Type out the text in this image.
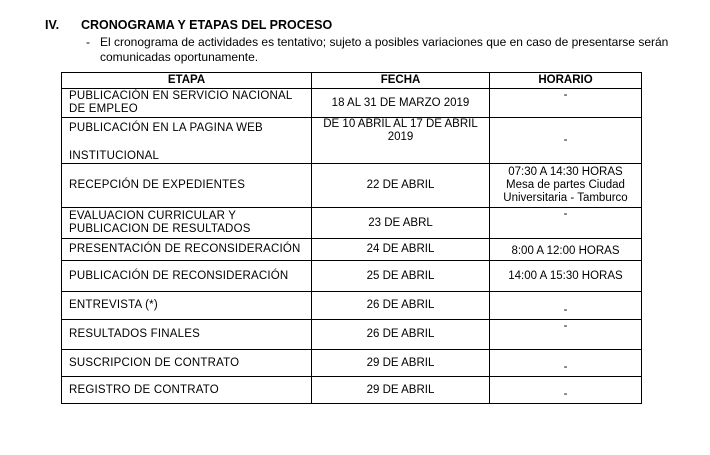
IV. CRONOGRAMA Y ETAPAS DEL PROCESO
- El cronograma de actividades es tentativo; sujeto a posibles variaciones que en caso de presentarse serán comunicadas oportunamente.
ETAPA	FECHA	HORARIO
PUBLICACIÓN EN SERVICIO NACIONAL DE EMPLEO	18 AL 31 DE MARZO 2019	-

PUBLICACIÓN EN LA PAGINA WEB
INSTITUCIONAL	DE 10 ABRIL AL 17 DE ABRIL 2019	-
RECEPCIÓN DE EXPEDIENTES	22 DE ABRIL	07:30 A 14:30 HORAS
Mesa de partes Ciudad
Universitaria - Tamburco

EVALUACION CURRICULAR Y PUBLICACION DE RESULTADOS	23 DE ABRL	-
PRESENTACIÓN DE RECONSIDERACIÓN	24 DE ABRIL	8:00 A 12:00 HORAS
PUBLICACIÓN DE RECONSIDERACIÓN	25 DE ABRIL	14:00 A 15:30 HORAS
ENTREVISTA (*)	26 DE ABRIL	-
RESULTADOS FINALES	26 DE ABRIL	-
SUSCRIPCION DE CONTRATO	29 DE ABRIL	-
REGISTRO DE CONTRATO	29 DE ABRIL	-
